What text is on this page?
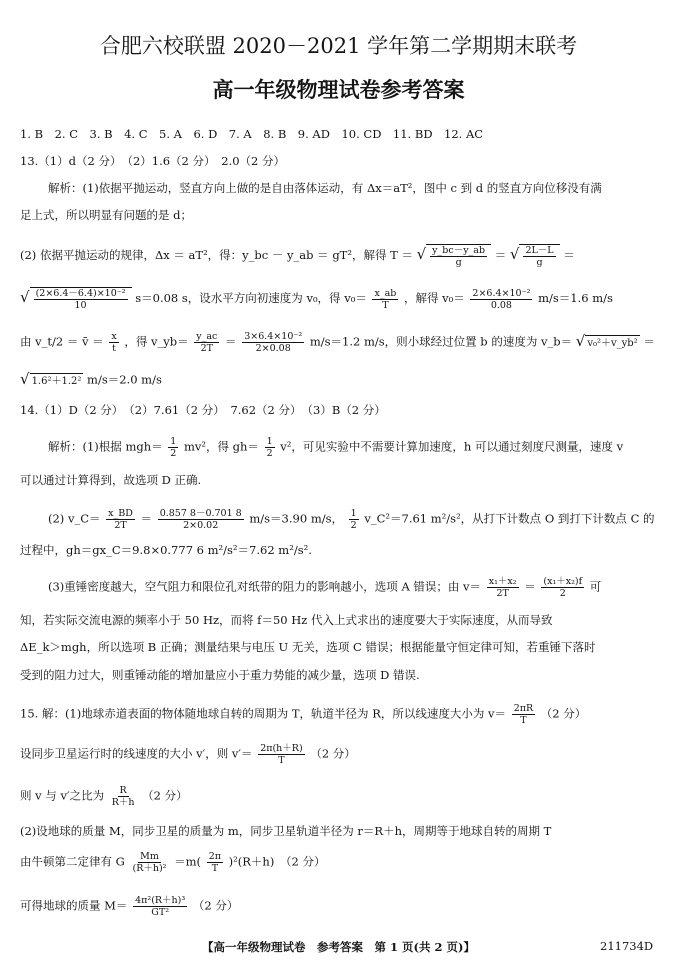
合肥六校联盟 2020－2021 学年第二学期期末联考
高一年级物理试卷参考答案
1. B　2. C　3. B　4. C　5. A　6. D　7. A　8. B　9. AD　10. CD　11. BD　12. AC
13.（1）d（2 分）　（2）1.6（2 分）　2.0（2 分）
解析：(1)依据平抛运动，竖直方向上做的是自由落体运动，有 Δx＝aT²，图中 c 到 d 的竖直方向位移没有满
足上式，所以明显有问题的是 d；
(2) 依据平抛运动的规律，Δx ＝ aT²，得：y_bc － y_ab ＝ gT²，解得 T ＝ √ $\frac{y\_bc-y\_ab}{g}$ ＝ √ $\frac{2L-L}{g}$ ＝
√ $\frac{\text{(2×6.4－6.4)×10⁻²}}{10} s=0.08$ s，设水平方向初速度为 v₀，得 $v_0= \frac{x\_ab}{T}$ ，解得 $v_0= \frac{\text{2×6.4×10⁻²}}{0.08} m/s=1.6$ m/s
由 v_t/2 ＝ v̄ ＝ $\frac{x}{t}$ ，得 v_yb＝ $\frac{y\_ac}{2T} = \frac{\text{3×6.4×10⁻²}}{2\times 0.08} m/s=1.2$ m/s，则小球经过位置 b 的速度为 v_b＝ √ v₀²＋v_yb² ＝
√ 1.6²＋1.2² m/s＝2.0 m/s
14.（1）D（2 分）　（2）7.61（2 分）　7.62（2 分）　（3）B（2 分）
解析：(1)根据 $mgh= \frac{1}{2} mv^2$，得 $gh= \frac{1}{2} v^2$，可见实验中不需要计算加速度，h 可以通过刻度尺测量，速度 v
可以通过计算得到，故选项 D 正确.
(2) v_C＝ $\frac{x\_BD}{2T} = \frac{0.857 8-0.701 8}{2\times 0.02} m/s=3.90$ m/s， $\frac{1}{2}$ v_C²＝7.61 m²/s²，从打下计数点 O 到打下计数点 C 的
过程中，gh＝gx_C＝9.8×0.777 6 m²/s²＝7.62 m²/s².
(3)重锤密度越大，空气阻力和限位孔对纸带的阻力的影响越小，选项 A 错误；由 $v= \frac{\text{x₁＋x₂}}{2T} = \frac{\text{(x₁＋x₂)f}}{2}$ 可
知，若实际交流电源的频率小于 50 Hz，而将 f＝50 Hz 代入上式求出的速度要大于实际速度，从而导致
ΔE_k＞mgh，所以选项 B 正确；测量结果与电压 U 无关，选项 C 错误；根据能量守恒定律可知，若重锤下落时
受到的阻力过大，则重锤动能的增加量应小于重力势能的减少量，选项 D 错误.
15. 解：(1)地球赤道表面的物体随地球自转的周期为 T，轨道半径为 R，所以线速度大小为 $v= \frac{2\pi R}{T} (2$ 分）
设同步卫星运行时的线速度的大小 v′，则 $v'= \frac{2\pi(h+R)}{T} (2$ 分）
则 v 与 v′之比为 $\frac{R}{R+h} (2$ 分）
(2)设地球的质量 M，同步卫星的质量为 m，同步卫星轨道半径为 r＝R＋h，周期等于地球自转的周期 T
由牛顿第二定律有 G $\frac{Mm}{\text{(R＋h)²}} =m( \frac{2\pi}{T} )^2(R+h)$　（2 分）
可得地球的质量 $M= \frac{\text{4π²(R＋h)³}}{\text{GT²}} (2$ 分）
【高一年级物理试卷　参考答案　第 1 页(共 2 页)】	211734D
